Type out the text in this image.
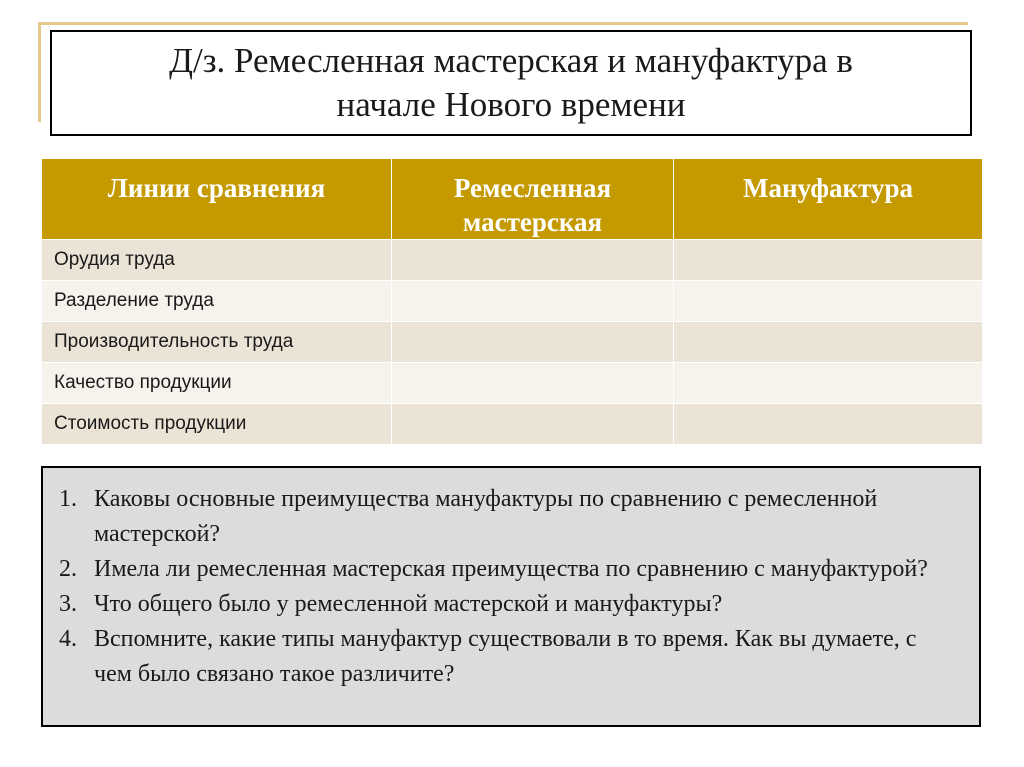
Д/з. Ремесленная мастерская и мануфактура в начале Нового времени
Линии сравнения	Ремесленная мастерская	Мануфактура
Орудия труда		
Разделение труда		
Производительность труда		
Качество продукции		
Стоимость продукции		
1. Каковы основные преимущества мануфактуры по сравнению с ремесленной мастерской?
2. Имела ли ремесленная мастерская преимущества по сравнению с мануфактурой?
3. Что общего было у ремесленной мастерской и мануфактуры?
4. Вспомните, какие типы мануфактур существовали в то время. Как вы думаете, с чем было связано такое различите?
